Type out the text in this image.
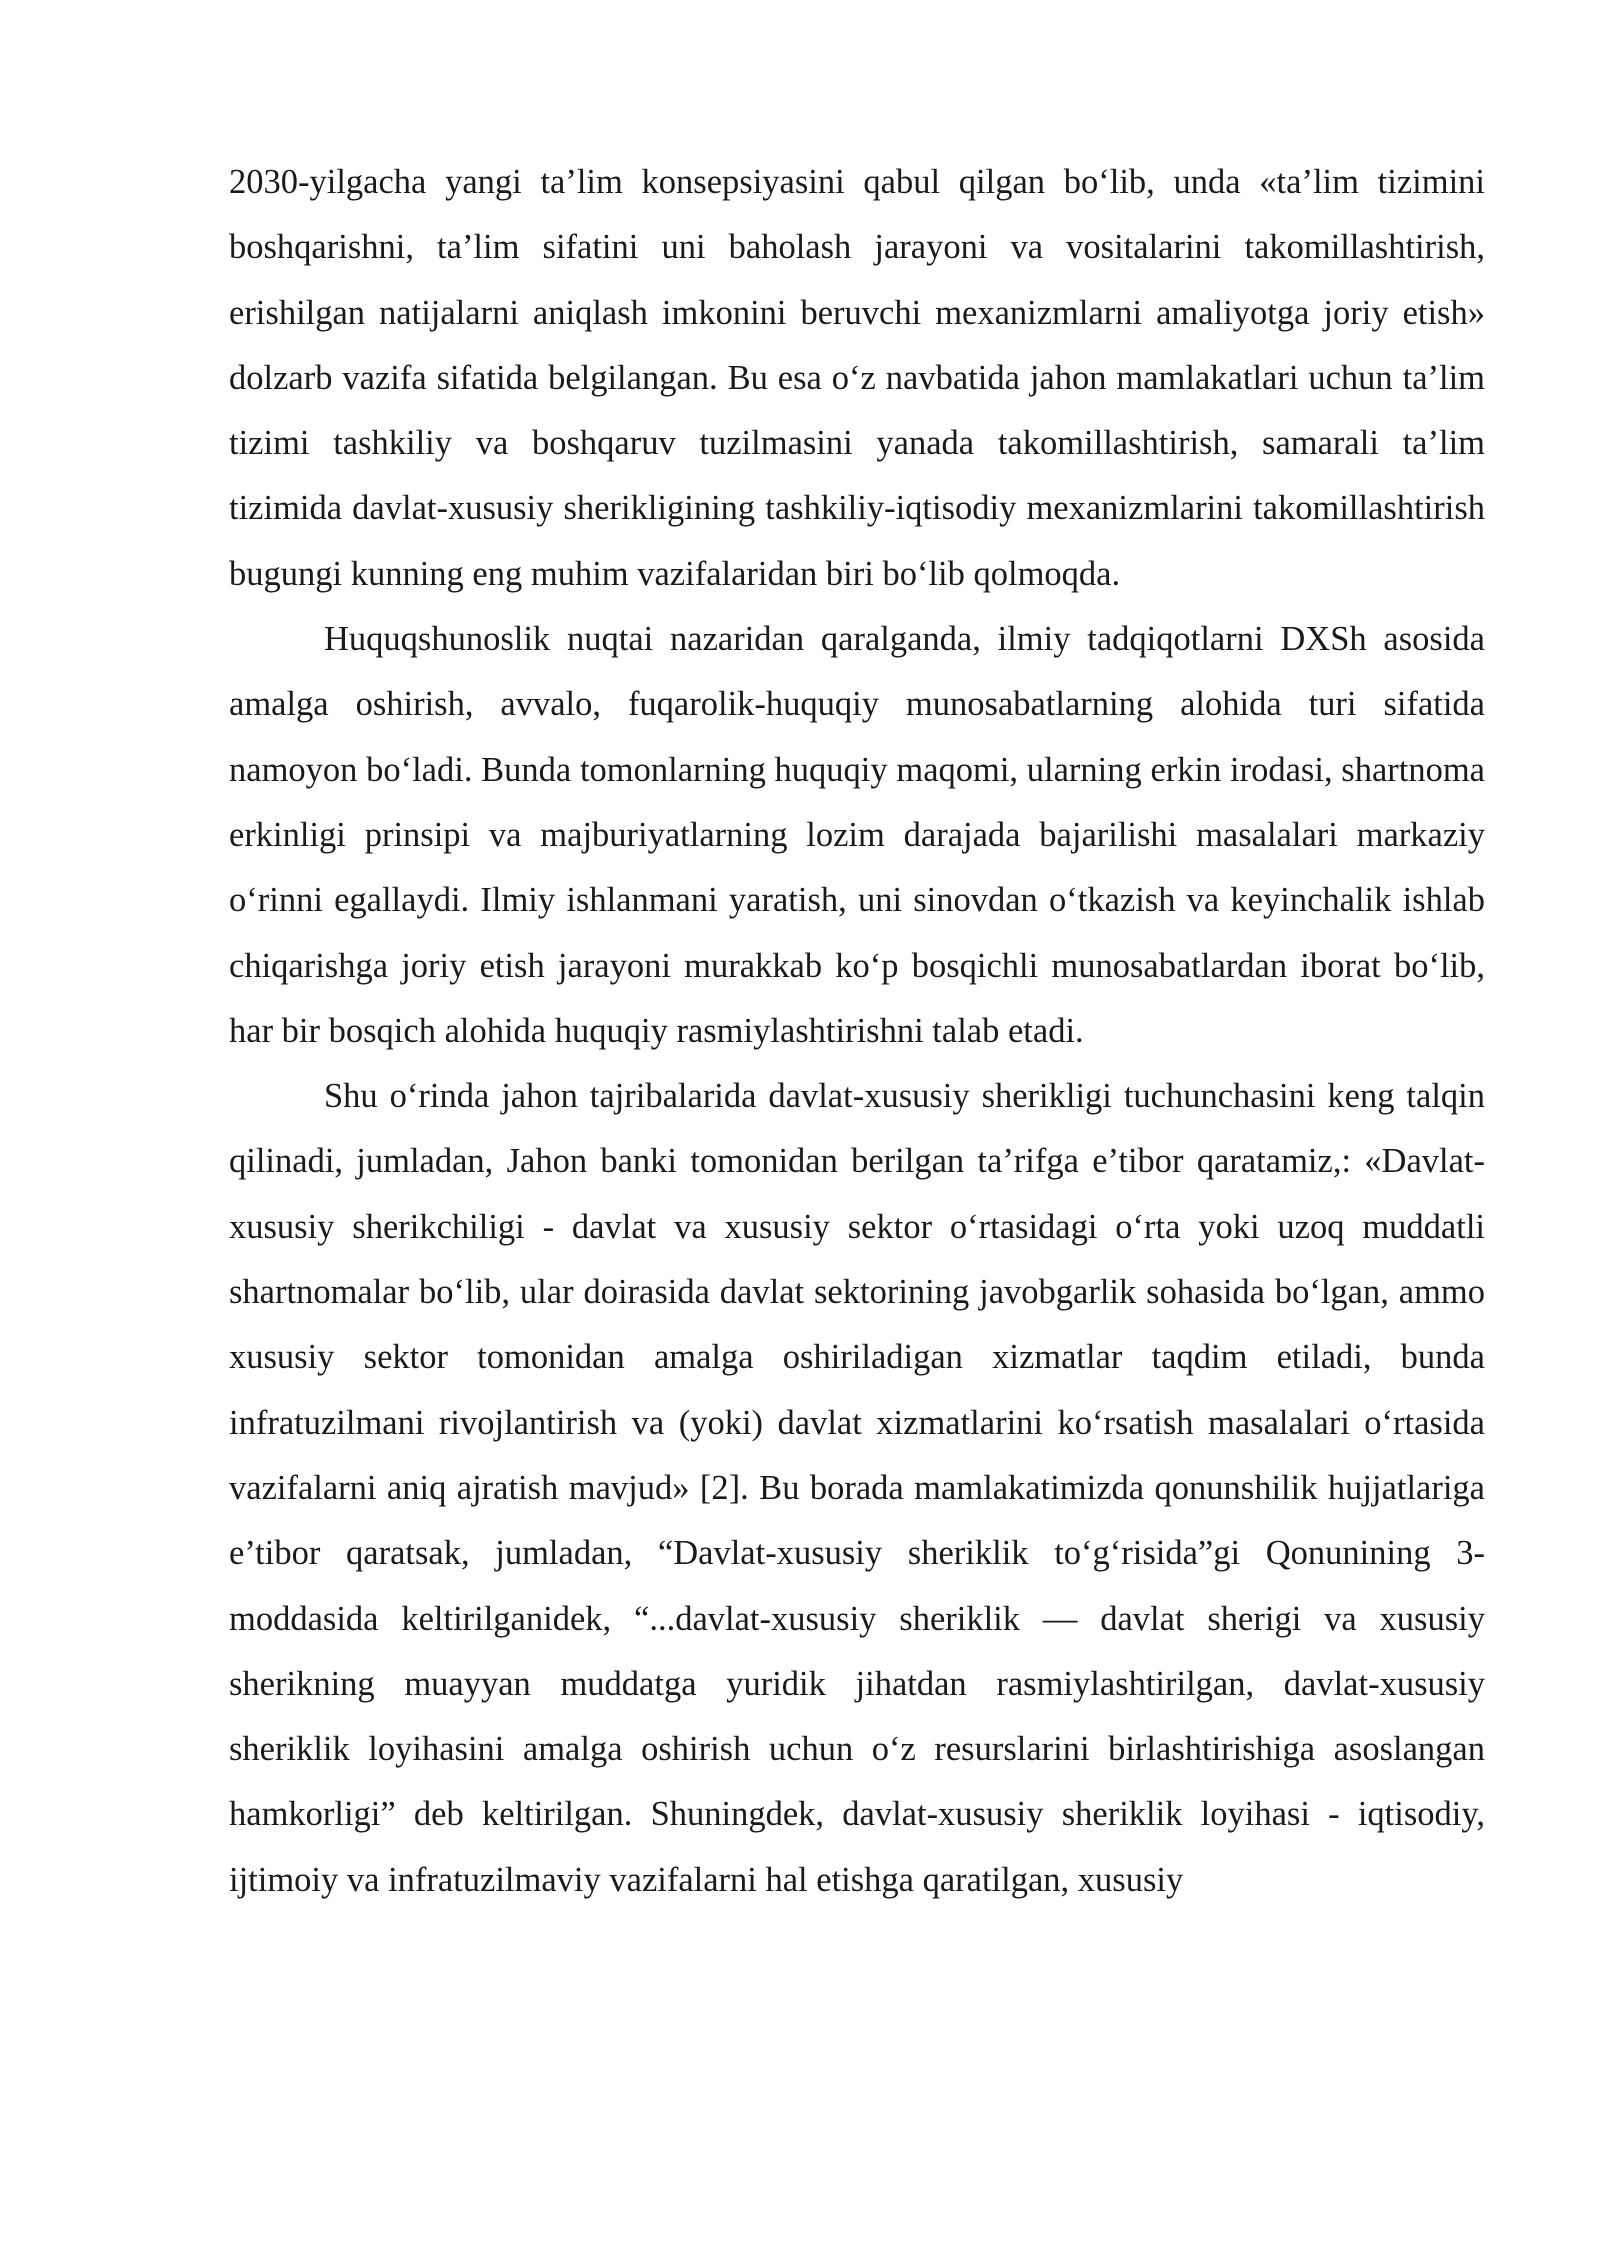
2030-yilgacha yangi ta’lim konsepsiyasini qabul qilgan bo‘lib, unda «ta’lim tizimini boshqarishni, ta’lim sifatini uni baholash jarayoni va vositalarini takomillashtirish, erishilgan natijalarni aniqlash imkonini beruvchi mexanizmlarni amaliyotga joriy etish» dolzarb vazifa sifatida belgilangan. Bu esa o‘z navbatida jahon mamlakatlari uchun ta’lim tizimi tashkiliy va boshqaruv tuzilmasini yanada takomillashtirish, samarali ta’lim tizimida davlat-xususiy sherikligining tashkiliy-iqtisodiy mexanizmlarini takomillashtirish bugungi kunning eng muhim vazifalaridan biri bo‘lib qolmoqda.

Huquqshunoslik nuqtai nazaridan qaralganda, ilmiy tadqiqotlarni DXSh asosida amalga oshirish, avvalo, fuqarolik-huquqiy munosabatlarning alohida turi sifatida namoyon bo‘ladi. Bunda tomonlarning huquqiy maqomi, ularning erkin irodasi, shartnoma erkinligi prinsipi va majburiyatlarning lozim darajada bajarilishi masalalari markaziy o‘rinni egallaydi. Ilmiy ishlanmani yaratish, uni sinovdan o‘tkazish va keyinchalik ishlab chiqarishga joriy etish jarayoni murakkab ko‘p bosqichli munosabatlardan iborat bo‘lib, har bir bosqich alohida huquqiy rasmiylashtirishni talab etadi.

Shu o‘rinda jahon tajribalarida davlat-xususiy sherikligi tuchunchasini keng talqin qilinadi, jumladan, Jahon banki tomonidan berilgan ta’rifga e’tibor qaratamiz,: «Davlat-xususiy sherikchiligi - davlat va xususiy sektor o‘rtasidagi o‘rta yoki uzoq muddatli shartnomalar bo‘lib, ular doirasida davlat sektorining javobgarlik sohasida bo‘lgan, ammo xususiy sektor tomonidan amalga oshiriladigan xizmatlar taqdim etiladi, bunda infratuzilmani rivojlantirish va (yoki) davlat xizmatlarini ko‘rsatish masalalari o‘rtasida vazifalarni aniq ajratish mavjud» [2]. Bu borada mamlakatimizda qonunshilik hujjatlariga e’tibor qaratsak, jumladan, “Davlat-xususiy sheriklik to‘g‘risida”gi Qonunining 3-moddasida keltirilganidek, “...davlat-xususiy sheriklik — davlat sherigi va xususiy sherikning muayyan muddatga yuridik jihatdan rasmiylashtirilgan, davlat-xususiy sheriklik loyihasini amalga oshirish uchun o‘z resurslarini birlashtirishiga asoslangan hamkorligi” deb keltirilgan. Shuningdek, davlat-xususiy sheriklik loyihasi - iqtisodiy, ijtimoiy va infratuzilmaviy vazifalarni hal etishga qaratilgan, xususiy
